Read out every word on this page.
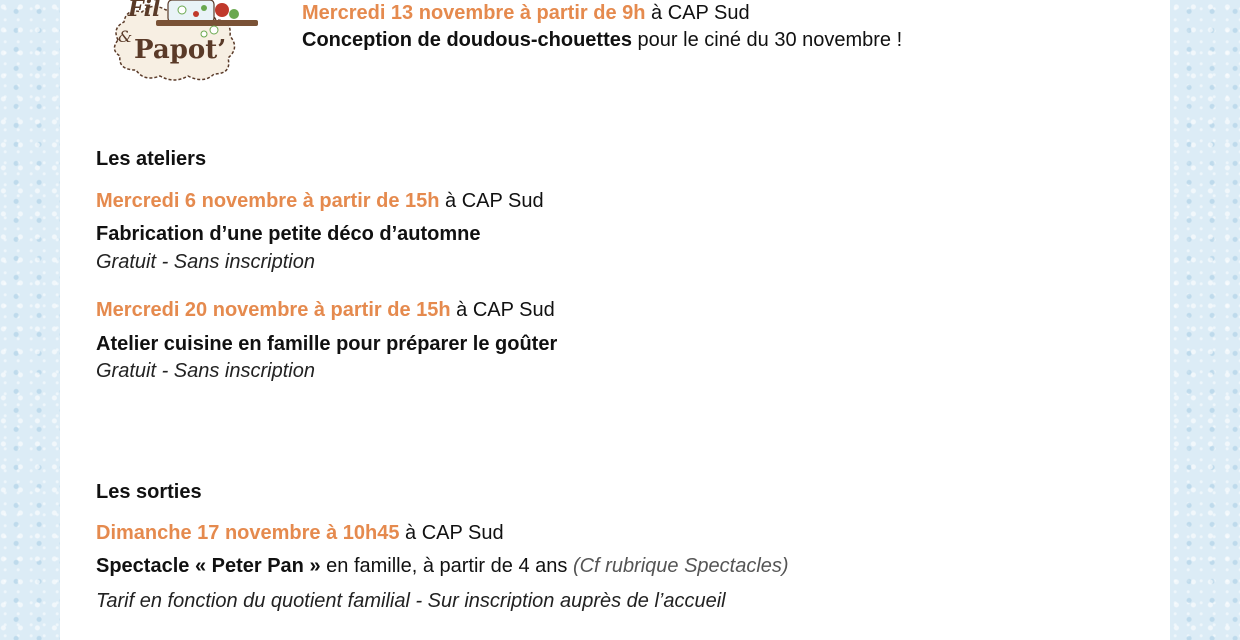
Fil
& Papot’
Mercredi 13 novembre à partir de 9h à CAP Sud
Conception de doudous-chouettes pour le ciné du 30 novembre !
Les ateliers
Mercredi 6 novembre à partir de 15h à CAP Sud
Fabrication d’une petite déco d’automne
Gratuit - Sans inscription
Mercredi 20 novembre à partir de 15h à CAP Sud
Atelier cuisine en famille pour préparer le goûter
Gratuit - Sans inscription
Les sorties
Dimanche 17 novembre à 10h45 à CAP Sud
Spectacle « Peter Pan » en famille, à partir de 4 ans (Cf rubrique Spectacles)
Tarif en fonction du quotient familial - Sur inscription auprès de l’accueil
